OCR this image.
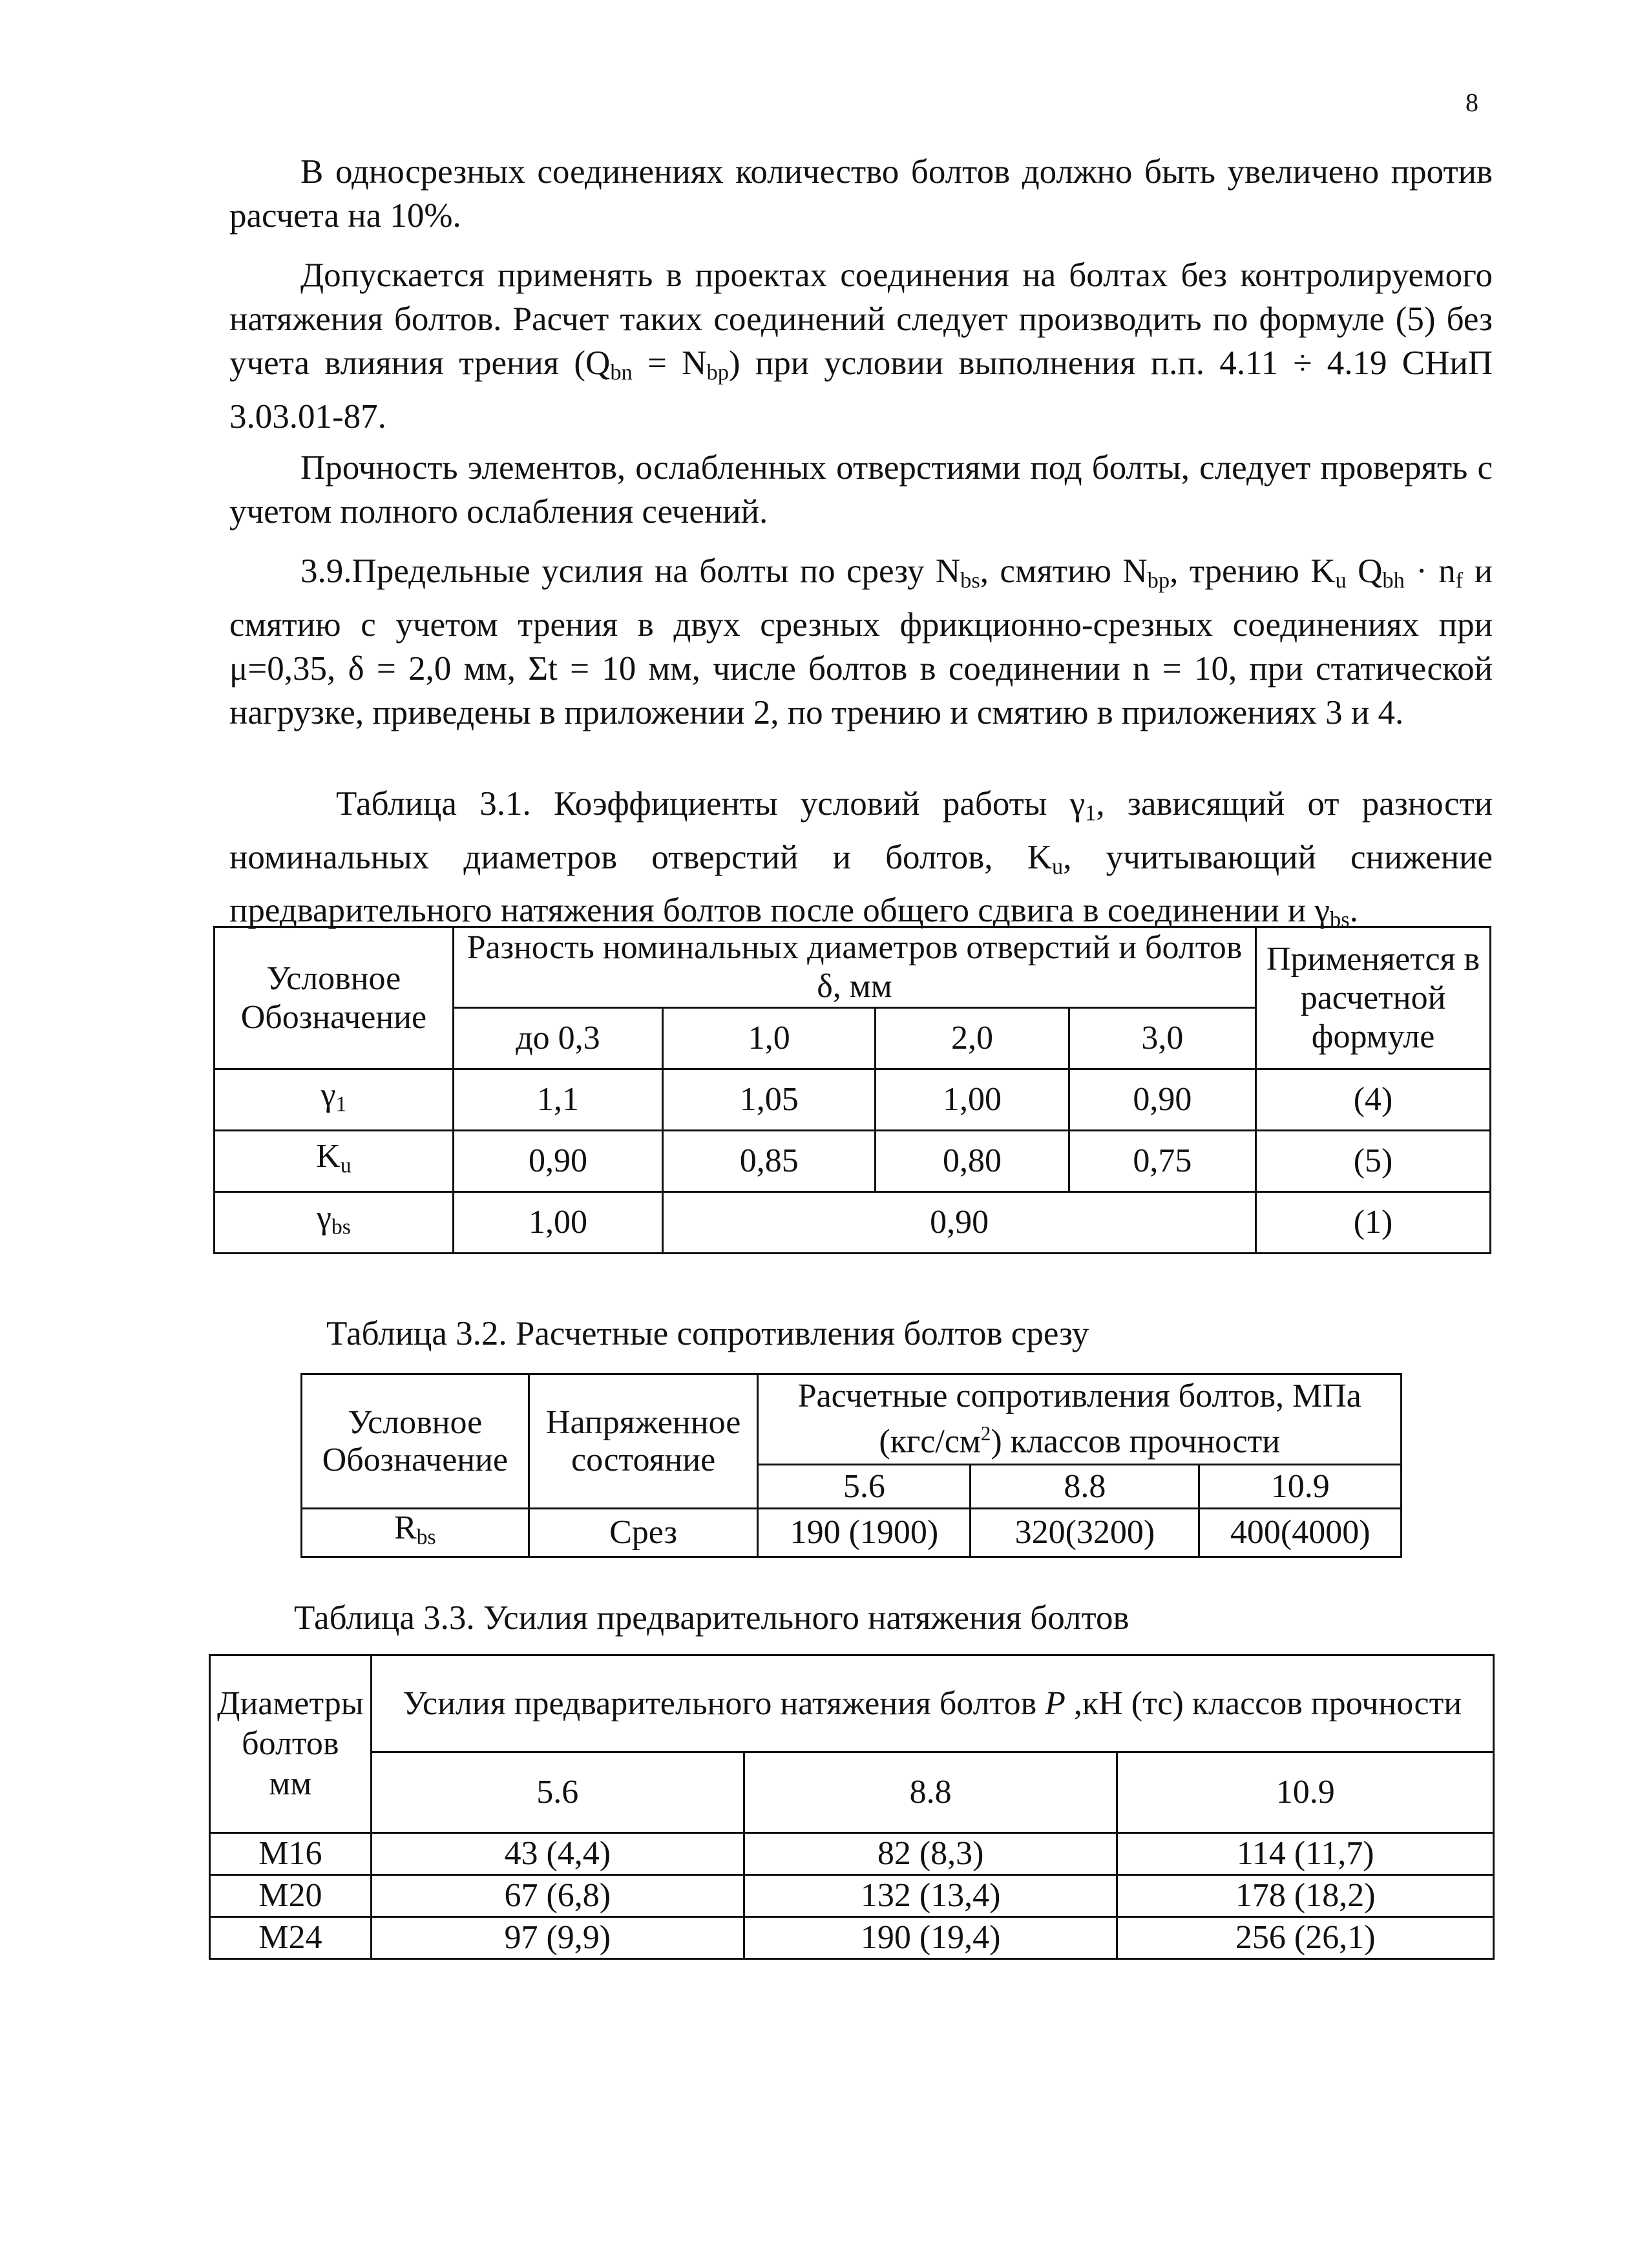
8
В односрезных соединениях количество болтов должно быть увеличено против расчета на 10%.
Допускается применять в проектах соединения на болтах без контролируемого натяжения болтов. Расчет таких соединений следует производить по формуле (5) без учета влияния трения $(Q_{bn} = N_{bp})$ при условии выполнения п.п. 4.11 ÷ 4.19 СНиП 3.03.01-87.
Прочность элементов, ослабленных отверстиями под болты, следует проверять с учетом полного ослабления сечений.
3.9.Предельные усилия на болты по срезу $N_{bs}$, смятию $N_{bp}$, трению $K_u$ $Q_{bh} \cdot n_f$ и смятию с учетом трения в двух срезных фрикционно-срезных соединениях при μ=0,35, δ = 2,0 мм, Σt = 10 мм, числе болтов в соединении n = 10, при статической нагрузке, приведены в приложении 2, по трению и смятию в приложениях 3 и 4.
Таблица 3.1. Коэффициенты условий работы $\gamma_1$, зависящий от разности номинальных диаметров отверстий и болтов, $K_u$, учитывающий снижение предварительного натяжения болтов после общего сдвига в соединении и $\gamma_{bs}$.
Условное Обозначение	Разность номинальных диаметров отверстий и болтов δ, мм				Применяется в расчетной формуле
	до 0,3	1,0	2,0	3,0	
$\gamma_1$	1,1	1,05	1,00	0,90	(4)
$K_u$	0,90	0,85	0,80	0,75	(5)
$\gamma_{bs}$	1,00	0,90			(1)
Таблица 3.2. Расчетные сопротивления болтов срезу
Условное Обозначение	Напряженное состояние	Расчетные сопротивления болтов, МПа $(кгс/см^2)$ классов прочности		
		5.6	8.8	10.9
$R_{bs}$	Срез	190 (1900)	320(3200)	400(4000)
Таблица 3.3. Усилия предварительного натяжения болтов
Диаметры болтов мм	Усилия предварительного натяжения болтов P ,кН (тс) классов прочности		
	5.6	8.8	10.9
М16	43 (4,4)	82 (8,3)	114 (11,7)
М20	67 (6,8)	132 (13,4)	178 (18,2)
М24	97 (9,9)	190 (19,4)	256 (26,1)
